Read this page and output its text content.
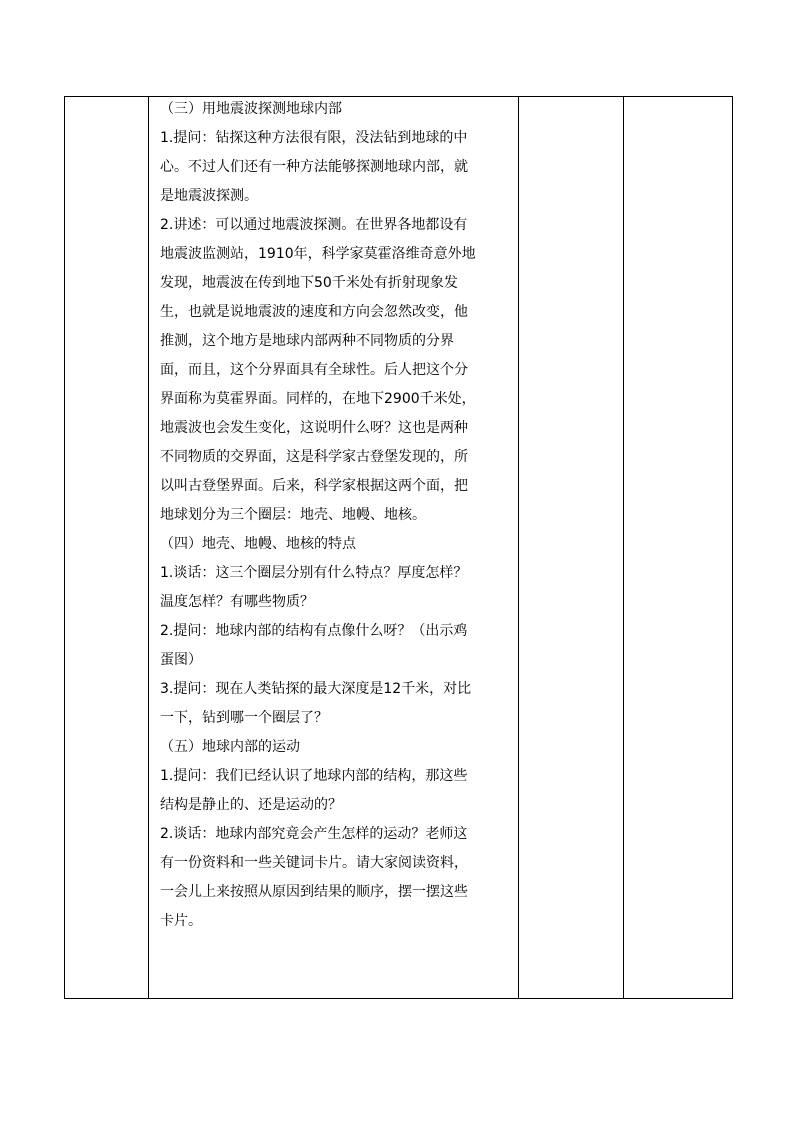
（三）用地震波探测地球内部
1.提问：钻探这种方法很有限，没法钻到地球的中
心。不过人们还有一种方法能够探测地球内部，就
是地震波探测。
2.讲述：可以通过地震波探测。在世界各地都设有
地震波监测站，1910年，科学家莫霍洛维奇意外地
发现，地震波在传到地下50千米处有折射现象发
生，也就是说地震波的速度和方向会忽然改变，他
推测，这个地方是地球内部两种不同物质的分界
面，而且，这个分界面具有全球性。后人把这个分
界面称为莫霍界面。同样的，在地下2900千米处，
地震波也会发生变化，这说明什么呀？这也是两种
不同物质的交界面，这是科学家古登堡发现的，所
以叫古登堡界面。后来，科学家根据这两个面，把
地球划分为三个圈层：地壳、地幔、地核。
（四）地壳、地幔、地核的特点
1.谈话：这三个圈层分别有什么特点？厚度怎样？
温度怎样？有哪些物质？
2.提问：地球内部的结构有点像什么呀？（出示鸡
蛋图）
3.提问：现在人类钻探的最大深度是12千米，对比
一下，钻到哪一个圈层了？
（五）地球内部的运动
1.提问：我们已经认识了地球内部的结构，那这些
结构是静止的、还是运动的？
2.谈话：地球内部究竟会产生怎样的运动？老师这
有一份资料和一些关键词卡片。请大家阅读资料，
一会儿上来按照从原因到结果的顺序，摆一摆这些
卡片。
